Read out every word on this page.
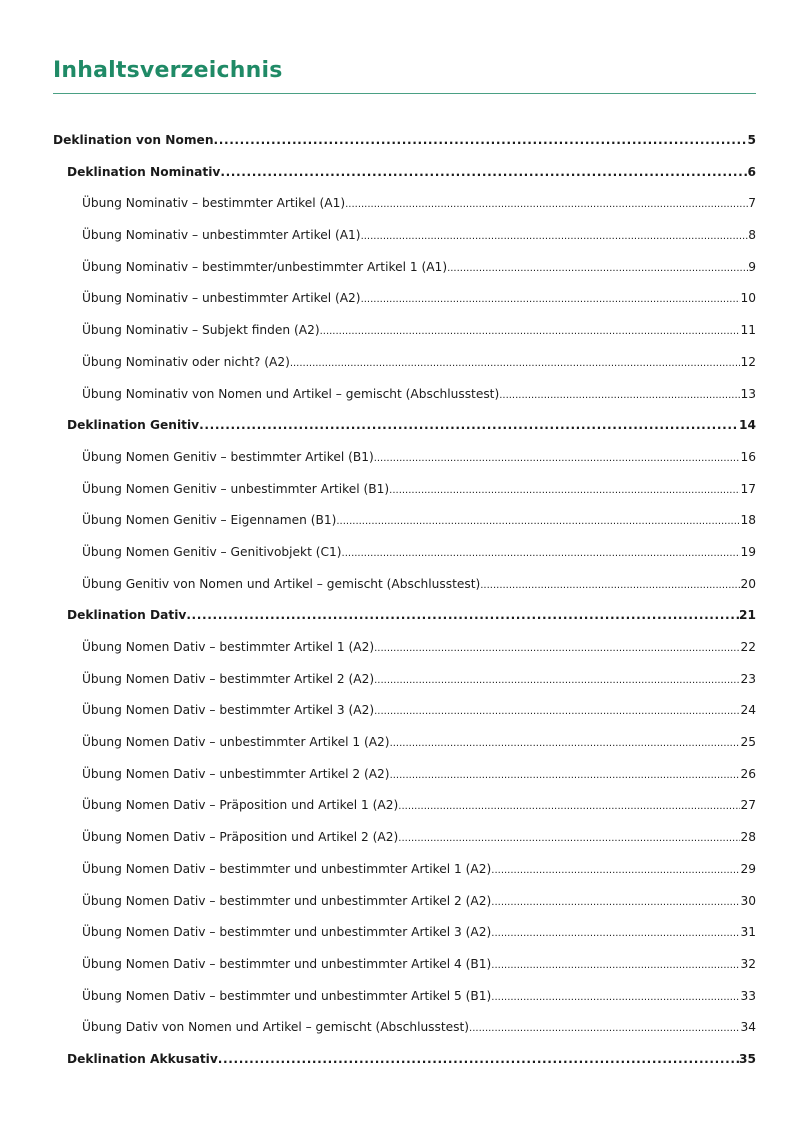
Inhaltsverzeichnis
Deklination von Nomen .....	5
Deklination Nominativ .....	6
Übung Nominativ – bestimmter Artikel (A1) .....	7
Übung Nominativ – unbestimmter Artikel (A1) .....	8
Übung Nominativ – bestimmter/unbestimmter Artikel 1 (A1) .....	9
Übung Nominativ – unbestimmter Artikel (A2) .....	10
Übung Nominativ – Subjekt finden (A2) .....	11
Übung Nominativ oder nicht? (A2) .....	12
Übung Nominativ von Nomen und Artikel – gemischt (Abschlusstest) .....	13
Deklination Genitiv .....	14
Übung Nomen Genitiv – bestimmter Artikel (B1) .....	16
Übung Nomen Genitiv – unbestimmter Artikel (B1) .....	17
Übung Nomen Genitiv – Eigennamen (B1) .....	18
Übung Nomen Genitiv – Genitivobjekt (C1) .....	19
Übung Genitiv von Nomen und Artikel – gemischt (Abschlusstest) .....	20
Deklination Dativ .....	21
Übung Nomen Dativ – bestimmter Artikel 1 (A2) .....	22
Übung Nomen Dativ – bestimmter Artikel 2 (A2) .....	23
Übung Nomen Dativ – bestimmter Artikel 3 (A2) .....	24
Übung Nomen Dativ – unbestimmter Artikel 1 (A2) .....	25
Übung Nomen Dativ – unbestimmter Artikel 2 (A2) .....	26
Übung Nomen Dativ – Präposition und Artikel 1 (A2) .....	27
Übung Nomen Dativ – Präposition und Artikel 2 (A2) .....	28
Übung Nomen Dativ – bestimmter und unbestimmter Artikel 1 (A2) .....	29
Übung Nomen Dativ – bestimmter und unbestimmter Artikel 2 (A2) .....	30
Übung Nomen Dativ – bestimmter und unbestimmter Artikel 3 (A2) .....	31
Übung Nomen Dativ – bestimmter und unbestimmter Artikel 4 (B1) .....	32
Übung Nomen Dativ – bestimmter und unbestimmter Artikel 5 (B1) .....	33
Übung Dativ von Nomen und Artikel – gemischt (Abschlusstest) .....	34
Deklination Akkusativ .....	35
